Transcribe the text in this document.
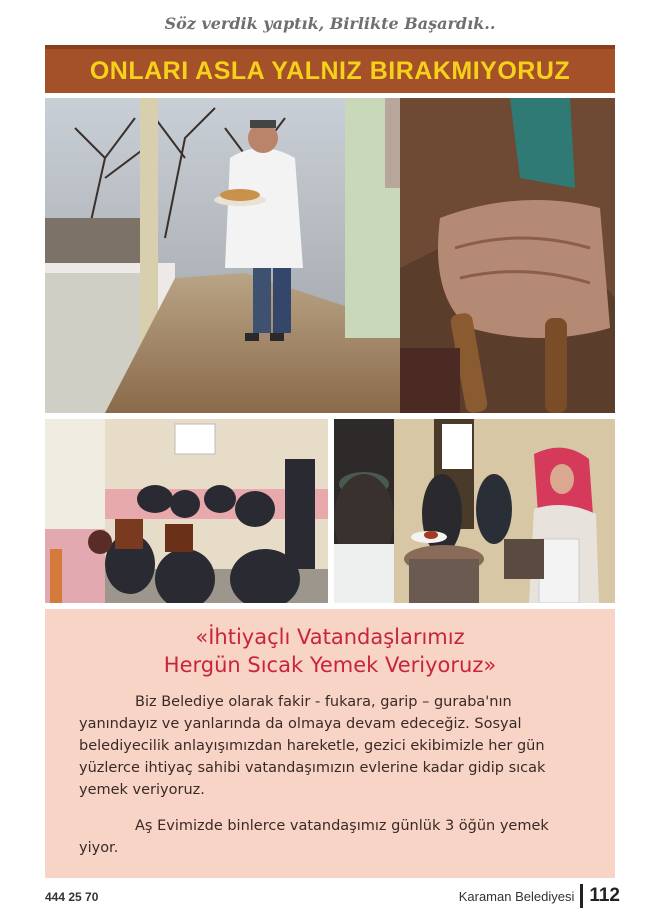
Söz verdik yaptık, Birlikte Başardık..
ONLARI ASLA YALNIZ BIRAKMIYORUZ
«İhtiyaçlı Vatandaşlarımız
Hergün Sıcak Yemek Veriyoruz»

Biz Belediye olarak fakir - fukara, garip – guraba'nın yanındayız ve yanlarında da olmaya devam edeceğiz. Sosyal belediyecilik anlayışımızdan hareketle, gezici ekibimizle her gün yüzlerce ihtiyaç sahibi vatandaşımızın evlerine kadar gidip sıcak yemek veriyoruz.

Aş Evimizde binlerce vatandaşımız günlük 3 öğün yemek yiyor.

444 25 70	Karaman Belediyesi 112
